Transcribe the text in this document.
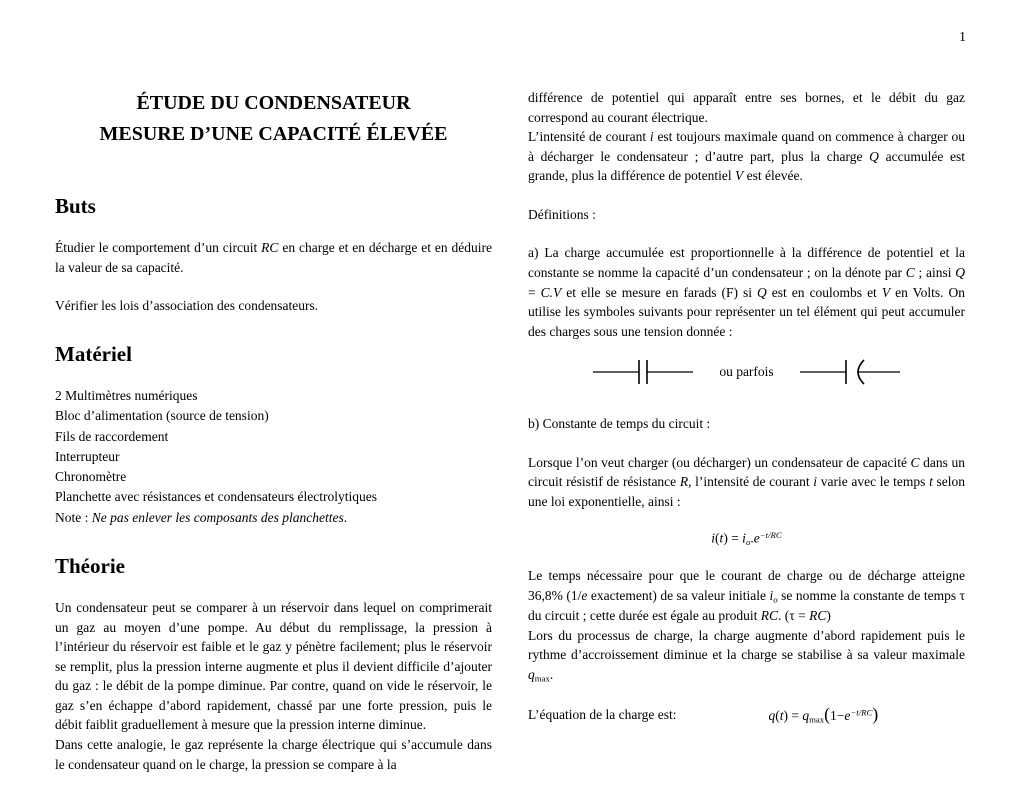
1
ÉTUDE DU CONDENSATEUR
MESURE D’UNE CAPACITÉ ÉLEVÉE
Buts

Étudier le comportement d’un circuit RC en charge et en décharge et en déduire la valeur de sa capacité.

Vérifier les lois d’association des condensateurs.

Matériel
2 Multimètres numériques
Bloc d’alimentation (source de tension)
Fils de raccordement
Interrupteur
Chronomètre
Planchette avec résistances et condensateurs électrolytiques
Note : Ne pas enlever les composants des planchettes.
Théorie

Un condensateur peut se comparer à un réservoir dans lequel on comprimerait un gaz au moyen d’une pompe. Au début du remplissage, la pression à l’intérieur du réservoir est faible et le gaz y pénètre facilement; plus le réservoir se remplit, plus la pression interne augmente et plus il devient difficile d’ajouter du gaz : le débit de la pompe diminue. Par contre, quand on vide le réservoir, le gaz s’en échappe d’abord rapidement, chassé par une forte pression, puis le débit faiblit graduellement à mesure que la pression interne diminue.

Dans cette analogie, le gaz représente la charge électrique qui s’accumule dans le condensateur quand on le charge, la pression se compare à la

différence de potentiel qui apparaît entre ses bornes, et le débit du gaz correspond au courant électrique.

L’intensité de courant i est toujours maximale quand on commence à charger ou à décharger le condensateur ; d’autre part, plus la charge Q accumulée est grande, plus la différence de potentiel V est élevée.

Définitions :

a) La charge accumulée est proportionnelle à la différence de potentiel et la constante se nomme la capacité d’un condensateur ; on la dénote par C ; ainsi Q = C.V et elle se mesure en farads (F) si Q est en coulombs et V en Volts. On utilise les symboles suivants pour représenter un tel élément qui peut accumuler des charges sous une tension donnée :

ou parfois

b) Constante de temps du circuit :

Lorsque l’on veut charger (ou décharger) un condensateur de capacité C dans un circuit résistif de résistance R, l’intensité de courant i varie avec le temps t selon une loi exponentielle, ainsi :

$i(t) = io.e^{-t/RC}$

Le temps nécessaire pour que le courant de charge ou de décharge atteigne 36,8% (1/e exactement) de sa valeur initiale io se nomme la constante de temps τ du circuit ; cette durée est égale au produit RC. (τ = RC)

Lors du processus de charge, la charge augmente d’abord rapidement puis le rythme d’accroissement diminue et la charge se stabilise à sa valeur maximale qmax.

L’équation de la charge est:	$q(t) = qmax(1-e^{-t/RC})$
